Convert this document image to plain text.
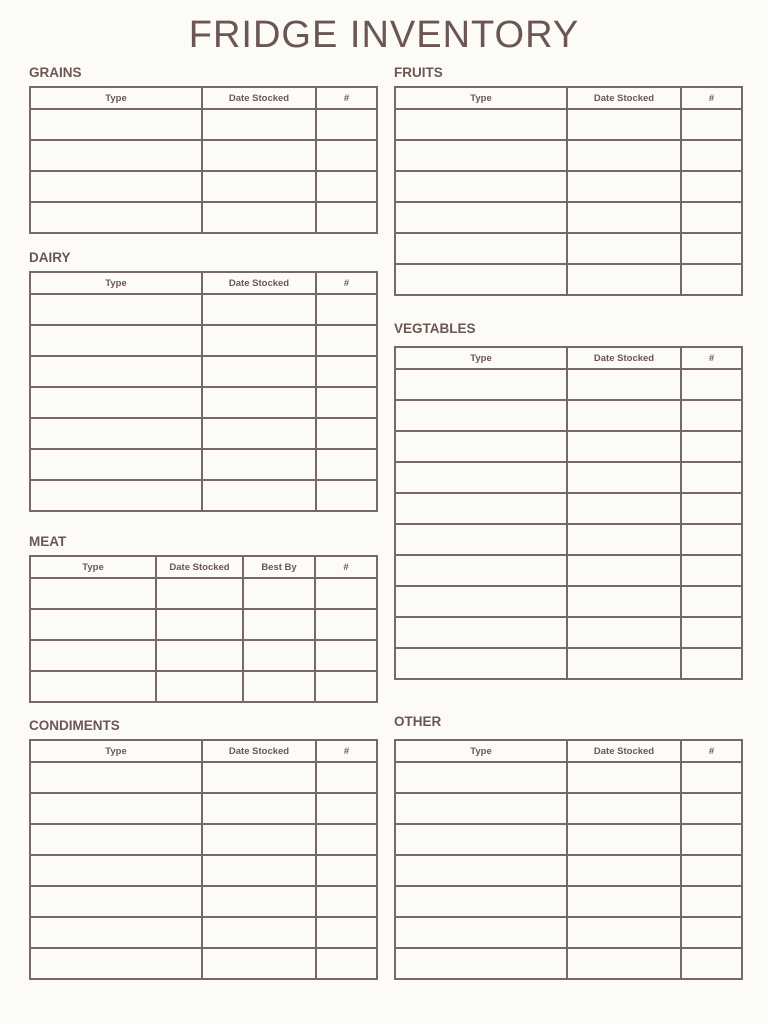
FRIDGE INVENTORY
GRAINS
Type	Date Stocked	#

FRUITS
Type	Date Stocked	#

DAIRY
Type	Date Stocked	#

VEGTABLES
Type	Date Stocked	#

MEAT
Type	Date Stocked	Best By	#

CONDIMENTS
Type	Date Stocked	#

OTHER
Type	Date Stocked	#
